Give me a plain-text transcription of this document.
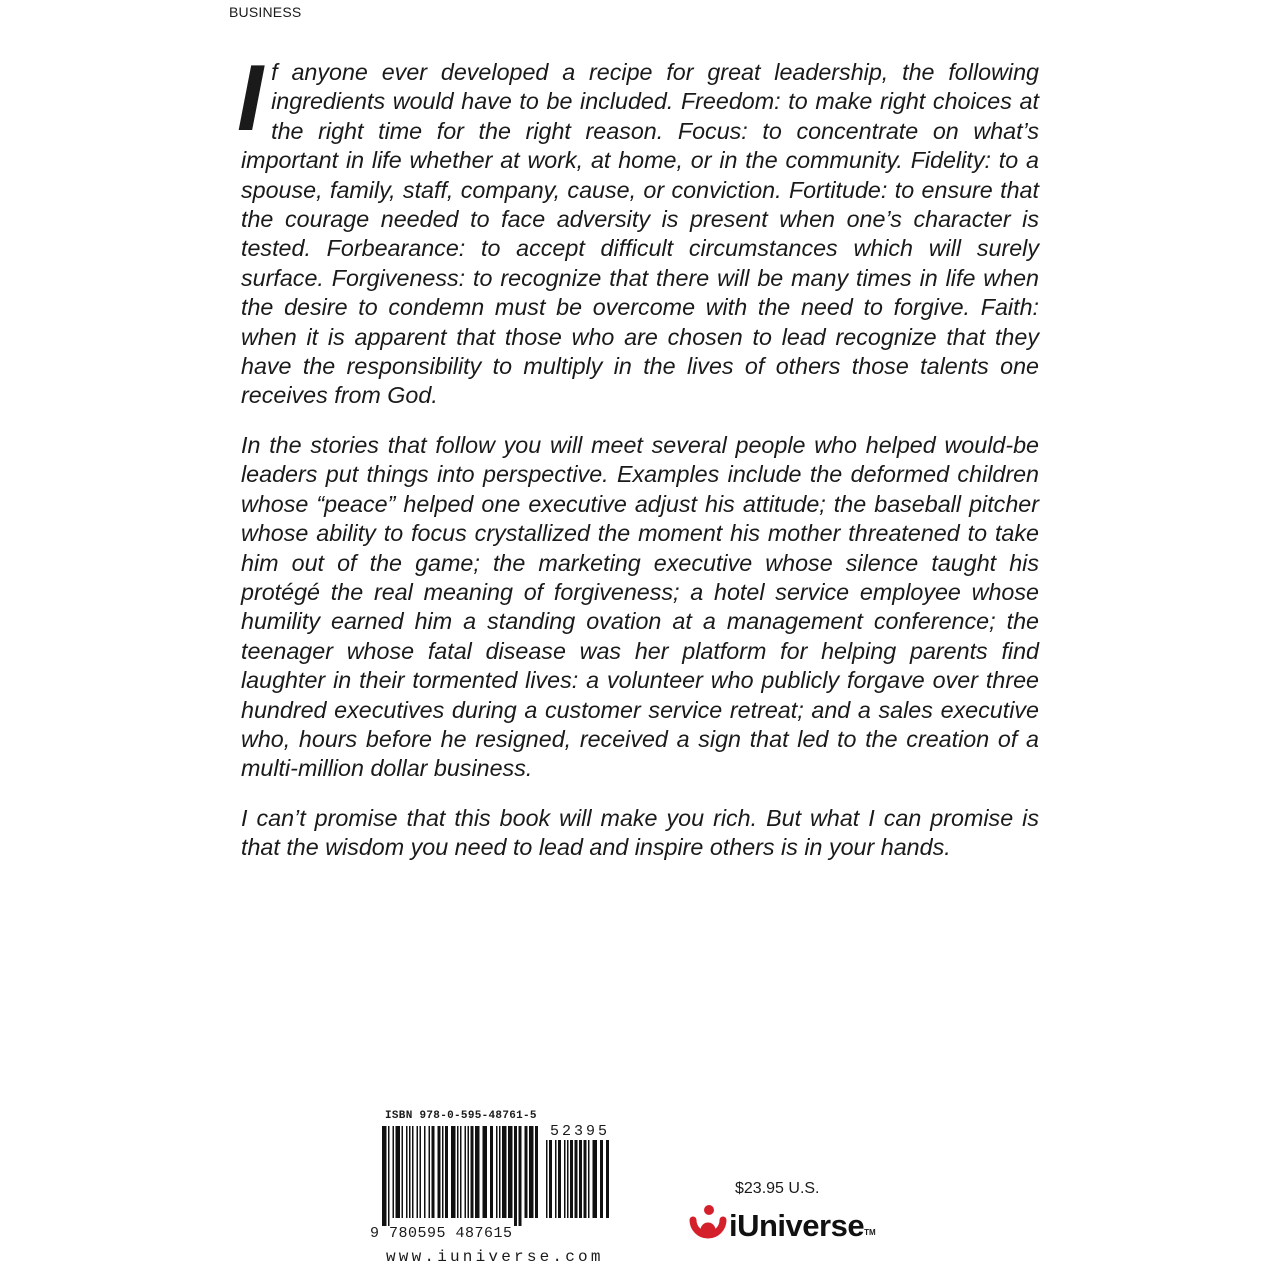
BUSINESS

If anyone ever developed a recipe for great leadership, the following ingredients would have to be included. Freedom: to make right choices at the right time for the right reason. Focus: to concentrate on what’s important in life whether at work, at home, or in the community. Fidelity: to a spouse, family, staff, company, cause, or conviction. Fortitude: to ensure that the courage needed to face adversity is present when one’s character is tested. Forbearance: to accept difficult circumstances which will surely surface. Forgiveness: to recognize that there will be many times in life when the desire to condemn must be overcome with the need to forgive. Faith: when it is apparent that those who are chosen to lead recognize that they have the responsibility to multiply in the lives of others those talents one receives from God.

In the stories that follow you will meet several people who helped would-be leaders put things into perspective. Examples include the deformed children whose “peace” helped one executive adjust his attitude; the baseball pitcher whose ability to focus crystallized the moment his mother threatened to take him out of the game; the marketing executive whose silence taught his protégé the real meaning of forgiveness; a hotel service employee whose humility earned him a standing ovation at a management conference; the teenager whose fatal disease was her platform for helping parents find laughter in their tormented lives: a volunteer who publicly forgave over three hundred executives during a customer service retreat; and a sales executive who, hours before he resigned, received a sign that led to the creation of a multi-million dollar business.

I can’t promise that this book will make you rich. But what I can promise is that the wisdom you need to lead and inspire others is in your hands.

ISBN 978-0-595-48761-5
52395
9 780595 487615
www.iuniverse.com
$23.95 U.S.
iUniverse TM
